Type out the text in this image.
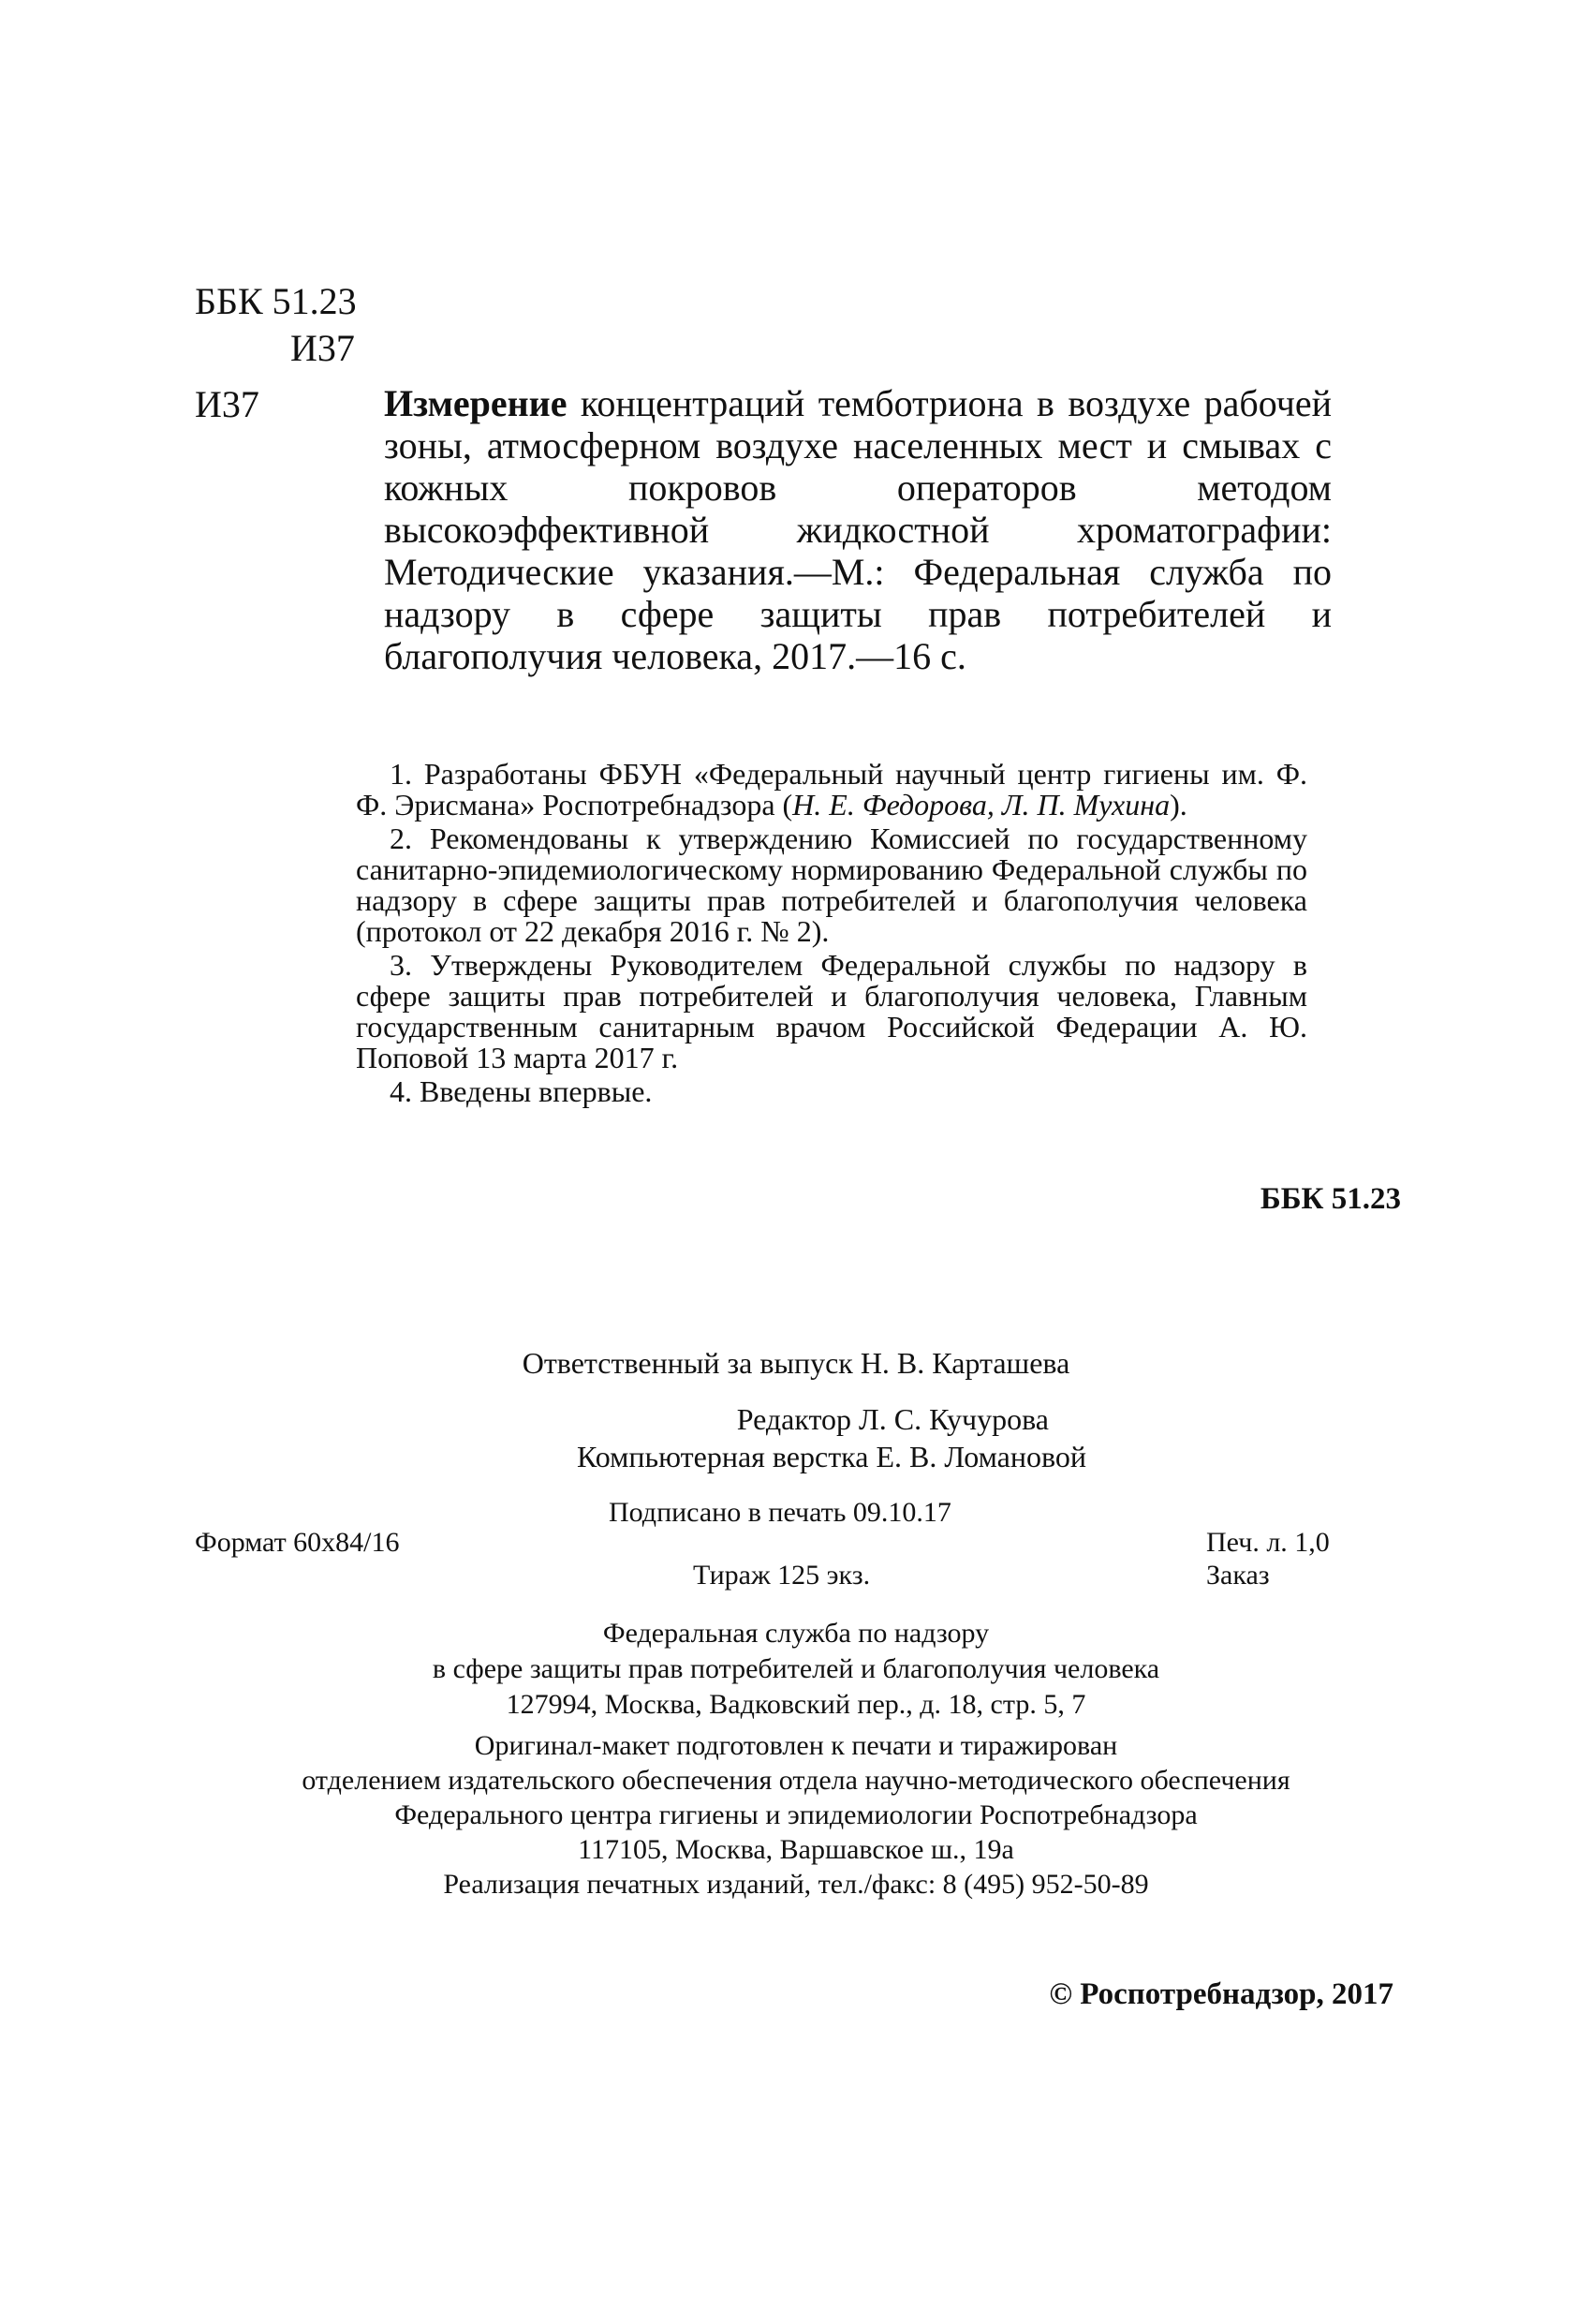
ББК 51.23
И37
И37	Измерение концентраций темботриона в воздухе рабочей зоны, атмосферном воздухе населенных мест и смывах с кожных покровов операторов методом высокоэффективной жидкостной хроматографии: Методические указания.—М.: Федеральная служба по надзору в сфере защиты прав потребителей и благополучия человека, 2017.—16 с.

1. Разработаны ФБУН «Федеральный научный центр гигиены им. Ф. Ф. Эрисмана» Роспотребнадзора (Н. Е. Федорова, Л. П. Мухина).

2. Рекомендованы к утверждению Комиссией по государственному санитарно-эпидемиологическому нормированию Федеральной службы по надзору в сфере защиты прав потребителей и благополучия человека (протокол от 22 декабря 2016 г. № 2).

3. Утверждены Руководителем Федеральной службы по надзору в сфере защиты прав потребителей и благополучия человека, Главным государственным санитарным врачом Российской Федерации А. Ю. Поповой 13 марта 2017 г.

4. Введены впервые.

ББК 51.23
Ответственный за выпуск Н. В. Карташева
Редактор Л. С. Кучурова
Компьютерная верстка Е. В. Ломановой
Подписано в печать 09.10.17
Формат 60x84/16	Печ. л. 1,0
Тираж 125 экз.	Заказ
Федеральная служба по надзору
в сфере защиты прав потребителей и благополучия человека
127994, Москва, Вадковский пер., д. 18, стр. 5, 7
Оригинал-макет подготовлен к печати и тиражирован
отделением издательского обеспечения отдела научно-методического обеспечения
Федерального центра гигиены и эпидемиологии Роспотребнадзора
117105, Москва, Варшавское ш., 19а
Реализация печатных изданий, тел./факс: 8 (495) 952-50-89
© Роспотребнадзор, 2017
